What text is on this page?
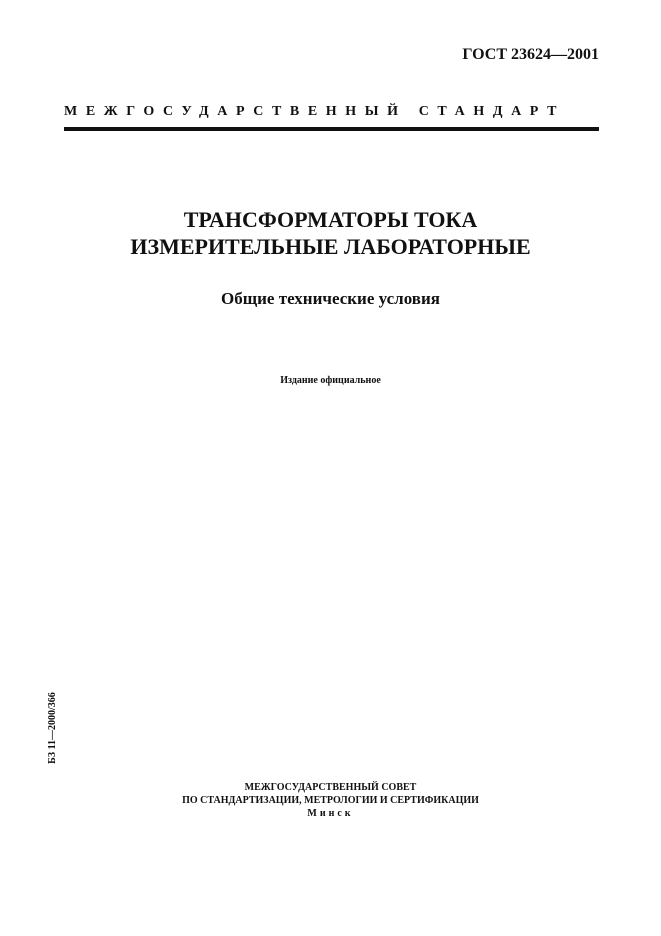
ГОСТ 23624—2001
МЕЖГОСУДАРСТВЕННЫЙ СТАНДАРТ
ТРАНСФОРМАТОРЫ ТОКА
ИЗМЕРИТЕЛЬНЫЕ ЛАБОРАТОРНЫЕ
Общие технические условия
Издание официальное
БЗ 11—2000/366
МЕЖГОСУДАРСТВЕННЫЙ СОВЕТ
ПО СТАНДАРТИЗАЦИИ, МЕТРОЛОГИИ И СЕРТИФИКАЦИИ
Минск
